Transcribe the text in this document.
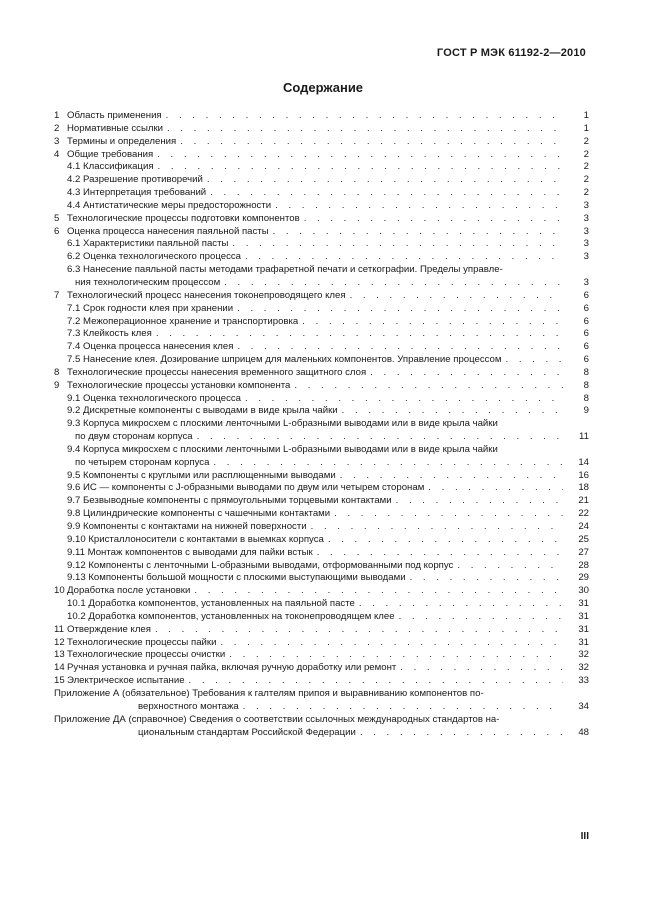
ГОСТ Р МЭК 61192-2—2010
Содержание
1 Область применения . . .	1
2 Нормативные ссылки . . .	1
3 Термины и определения . . .	2
4 Общие требования . . .	2
4.1 Классификация . . .	2
4.2 Разрешение противоречий . . .	2
4.3 Интерпретация требований . . .	2
4.4 Антистатические меры предосторожности . . .	3
5 Технологические процессы подготовки компонентов . . .	3
6 Оценка процесса нанесения паяльной пасты . . .	3
6.1 Характеристики паяльной пасты . . .	3
6.2 Оценка технологического процесса . . .	3
6.3 Нанесение паяльной пасты методами трафаретной печати и сеткографии. Пределы управле-
ния технологическим процессом . . .	3
7 Технологический процесс нанесения токонепроводящего клея . . .	6
7.1 Срок годности клея при хранении . . .	6
7.2 Межоперационное хранение и транспортировка . . .	6
7.3 Клейкость клея . . .	6
7.4 Оценка процесса нанесения клея . . .	6
7.5 Нанесение клея. Дозирование шприцем для маленьких компонентов. Управление процессом . . .	6
8 Технологические процессы нанесения временного защитного слоя . . .	8
9 Технологические процессы установки компонента . . .	8
9.1 Оценка технологического процесса . . .	8
9.2 Дискретные компоненты с выводами в виде крыла чайки . . .	9
9.3 Корпуса микросхем с плоскими ленточными L-образными выводами или в виде крыла чайки
по двум сторонам корпуса . . .	11
9.4 Корпуса микросхем с плоскими ленточными L-образными выводами или в виде крыла чайки
по четырем сторонам корпуса . . .	14
9.5 Компоненты с круглыми или расплющенными выводами . . .	16
9.6 ИС — компоненты с J-образными выводами по двум или четырем сторонам . . .	18
9.7 Безвыводные компоненты с прямоугольными торцевыми контактами . . .	21
9.8 Цилиндрические компоненты с чашечными контактами . . .	22
9.9 Компоненты с контактами на нижней поверхности . . .	24
9.10 Кристаллоносители с контактами в выемках корпуса . . .	25
9.11 Монтаж компонентов с выводами для пайки встык . . .	27
9.12 Компоненты с ленточными L-образными выводами, отформованными под корпус . . .	28
9.13 Компоненты большой мощности с плоскими выступающими выводами . . .	29
10 Доработка после установки . . .	30
10.1 Доработка компонентов, установленных на паяльной пасте . . .	31
10.2 Доработка компонентов, установленных на токонепроводящем клее . . .	31
11 Отверждение клея . . .	31
12 Технологические процессы пайки . . .	31
13 Технологические процессы очистки . . .	32
14 Ручная установка и ручная пайка, включая ручную доработку или ремонт . . .	32
15 Электрическое испытание . . .	33
Приложение А (обязательное) Требования к галтелям припоя и выравниванию компонентов по-
верхностного монтажа . . .	34
Приложение ДА (справочное) Сведения о соответствии ссылочных международных стандартов на-
циональным стандартам Российской Федерации . . .	48
III
